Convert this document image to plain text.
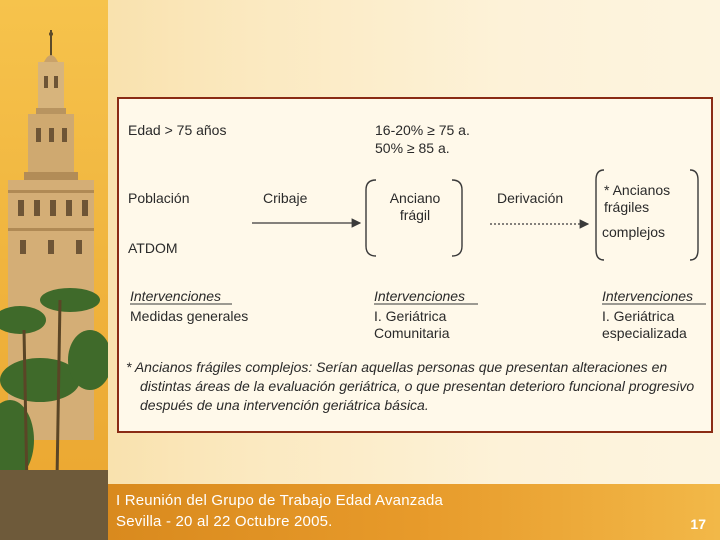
Edad > 75 años	16-20% ≥ 75 a.
50% ≥ 85 a.
Población	Cribaje	Anciano frágil
Derivación	* Ancianos frágiles
complejos
ATDOM
Intervenciones
Medidas generales
Intervenciones
I. Geriátrica Comunitaria
Intervenciones
I. Geriátrica especializada
* Ancianos frágiles complejos: Serían aquellas personas que presentan alteraciones en distintas áreas de la evaluación geriátrica, o que presentan deterioro funcional progresivo después de una intervención geriátrica básica.
I Reunión del Grupo de Trabajo Edad Avanzada
Sevilla - 20 al 22 Octubre 2005.	17
